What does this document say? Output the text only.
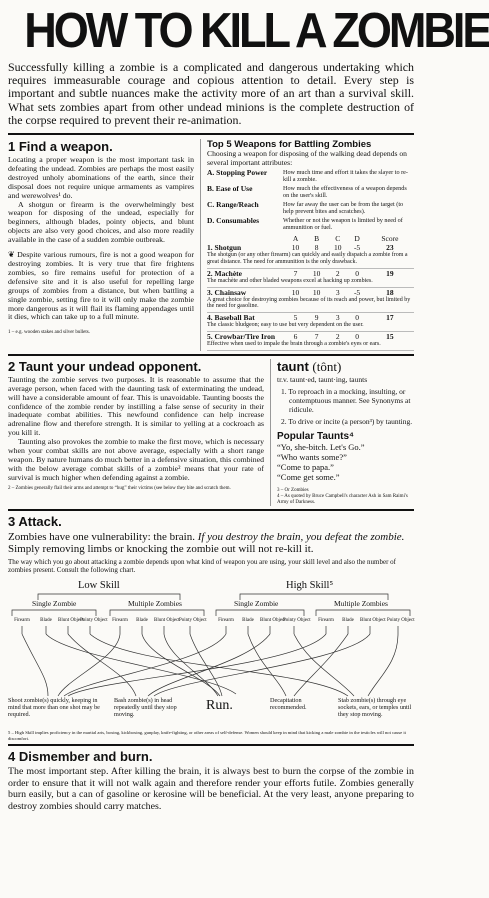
HOW TO KILL A ZOMBIE
Successfully killing a zombie is a complicated and dangerous undertaking which requires immeasurable courage and copious attention to detail. Every step is important and subtle nuances make the activity more of an art than a survival skill. What sets zombies apart from other undead minions is the complete destruction of the corpse required to prevent their re-animation.
1 Find a weapon.

Locating a proper weapon is the most important task in defeating the undead. Zombies are perhaps the most easily destroyed unholy abominations of the earth, since their disposal does not require unique armaments as vampires and werewolves¹ do.

A shotgun or firearm is the overwhelmingly best weapon for disposing of the undead, especially for beginners, although blades, pointy objects, and blunt objects are also very good choices, and also more readily available in the case of a sudden zombie outbreak.

❦ Despite various rumours, fire is not a good weapon for destroying zombies. It is very true that fire frightens zombies, so fire remains useful for protection of a defensive site and it is also useful for repelling large groups of zombies from a distance, but when battling a single zombie, setting fire to it will only make the zombie more dangerous as it will flail its flaming appendages until it dies, which can take up to a full minute.

1 – e.g. wooden stakes and silver bullets.
Top 5 Weapons for Battling Zombies
Choosing a weapon for disposing of the walking dead depends on several important attributes:
A. Stopping Power	How much time and effort it takes the slayer to re-kill a zombie.
B. Ease of Use	How much the effectiveness of a weapon depends on the user's skill.
C. Range/Reach	How far away the user can be from the target (to help prevent bites and scratches).
D. Consumables	Whether or not the weapon is limited by need of ammunition or fuel.
	A	B	C	D	Score
1. Shotgun	10	8	10	-5	23
The shotgun (or any other firearm) can quickly and easily dispatch a zombie from a great distance. The need for ammunition is the only drawback.					
2. Machète	7	10	2	0	19
The machète and other bladed weapons excel at hacking up zombies.					
3. Chainsaw	10	10	3	-5	18
A great choice for destroying zombies because of its reach and power, but limited by the need for gasoline.					
4. Baseball Bat	5	9	3	0	17
The classic bludgeon; easy to use but very dependent on the user.					
5. Crowbar/Tire Iron	6	7	2	0	15
Effective when used to impale the brain through a zombie's eyes or ears.					
2 Taunt your undead opponent.

Taunting the zombie serves two purposes. It is reasonable to assume that the average person, when faced with the daunting task of exterminating the undead, will have a considerable amount of fear. This is unavoidable. Taunting boosts the confidence of the zombie render by instilling a false sense of security in their inadequate combat abilities. This newfound confidence can help increase adrenaline flow and therefore strength. It is similar to yelling at a cockroach as you kill it.

Taunting also provokes the zombie to make the first move, which is necessary when your combat skills are not above average, especially with a short range weapon. By nature humans do much better in a defensive situation, this combined with the below average combat skills of a zombie² means that your rate of survival is much higher when defending against a zombie.

2 – Zombies generally flail their arms and attempt to “hug” their victims (see below they bite and scratch them.
taunt (tônt)
tr.v. taunt·ed, taunt·ing, taunts
1. To reproach in a mocking, insulting, or contemptuous manner. See Synonyms at ridicule.
2. To drive or incite (a person³) by taunting.
Popular Taunts⁴
“Yo, she-bitch. Let's Go.”
“Who wants some?”
“Come to papa.”
“Come get some.”
3 – Or Zombies
4 – As quoted by Bruce Campbell's character Ash in Sam Raimi's Army of Darkness.
3 Attack.
Zombies have one vulnerability: the brain. If you destroy the brain, you defeat the zombie. Simply removing limbs or knocking the zombie out will not re-kill it.
The way which you go about attacking a zombie depends upon what kind of weapon you are using, your skill level and also the number of zombies present. Consult the following chart.
Low Skill	High Skill⁵
Single Zombie	Multiple Zombies	Single Zombie	Multiple Zombies
Firearm	Blade	Blunt Object
Pointy Object Firearm	Blade	Blunt Object Pointy Object	Firearm	Blade	Blunt Object
Pointy Object	Firearm	Blade	Blunt Object Pointy Object
Shoot zombie(s) quickly, keeping in mind that more than one shot may be required.
Bash zombie(s) in head repeatedly until they stop moving.
Run.	Decapitation recommended.
Stab zombie(s) through eye sockets, ears, or temples until they stop moving.
5 – High Skill implies proficiency in the martial arts, boxing, kickboxing, gunplay, knife-fighting, or other areas of self-defense. Women should keep in mind that kicking a male zombie in the testicles will not cause it discomfort.
4 Dismember and burn.

The most important step. After killing the brain, it is always best to burn the corpse of the zombie in order to ensure that it will not walk again and therefore render your efforts futile. Zombies generally burn easily, but a can of gasoline or kerosine will be beneficial. At the very least, anyone preparing to destroy zombies should carry matches.
